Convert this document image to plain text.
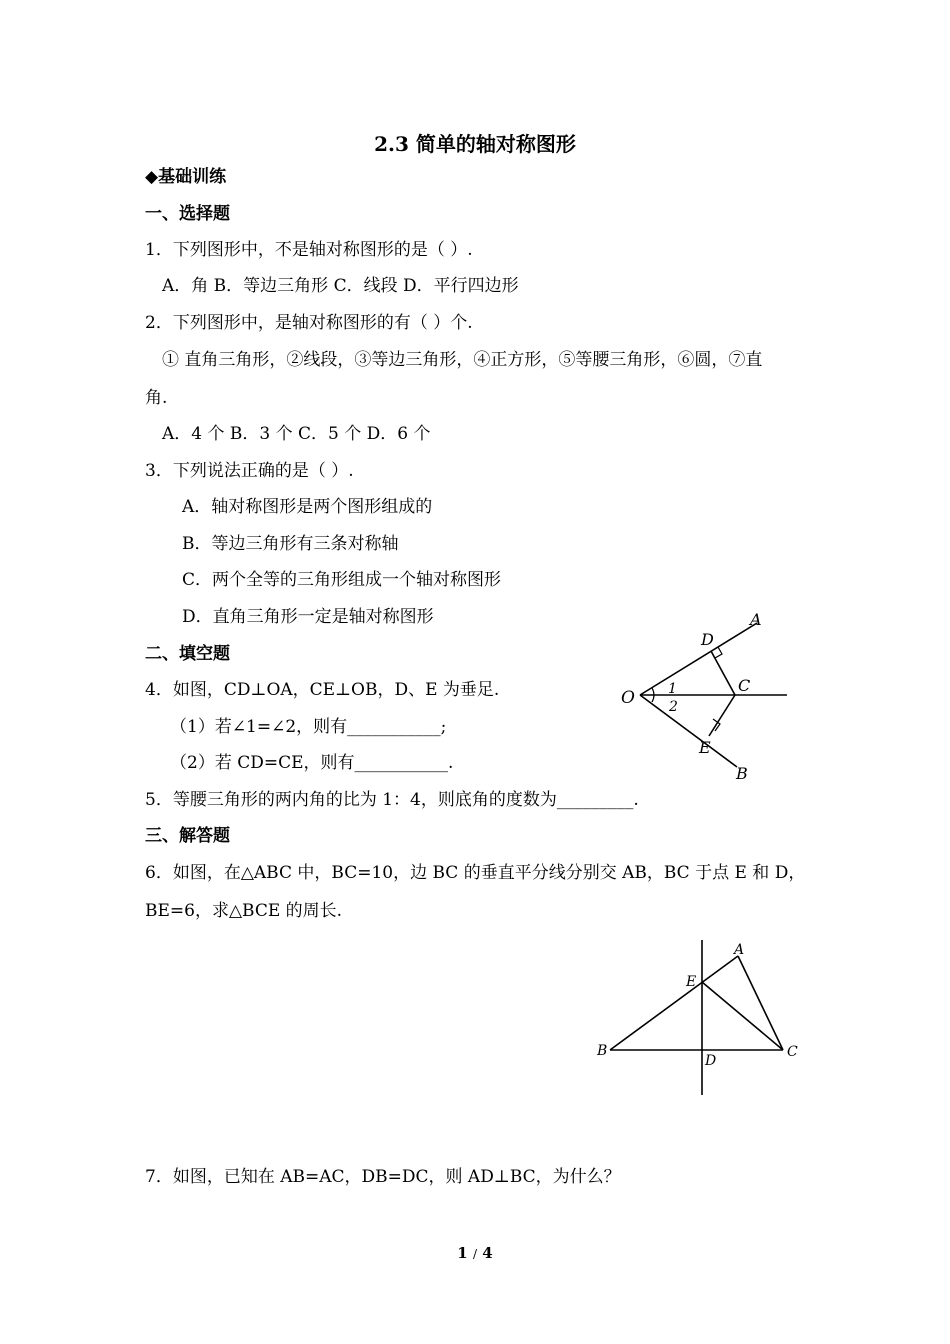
2.3 简单的轴对称图形
◆基础训练
一、选择题
1．下列图形中，不是轴对称图形的是（ ）.
A．角 B．等边三角形 C．线段 D．平行四边形
2．下列图形中，是轴对称图形的有（ ）个.
① 直角三角形，②线段，③等边三角形，④正方形，⑤等腰三角形，⑥圆，⑦直
角.
A．4 个 B．3 个 C．5 个 D．6 个
3．下列说法正确的是（ ）.
A．轴对称图形是两个图形组成的
B．等边三角形有三条对称轴
C．两个全等的三角形组成一个轴对称图形
D．直角三角形一定是轴对称图形
二、填空题
4．如图，CD⊥OA，CE⊥OB，D、E 为垂足.
（1）若∠1=∠2，则有___________;
（2）若 CD=CE，则有___________.
5．等腰三角形的两内角的比为 1：4，则底角的度数为_________.
三、解答题
6．如图，在△ABC 中，BC=10，边 BC 的垂直平分线分别交 AB，BC 于点 E 和 D，
BE=6，求△BCE 的周长.
7．如图，已知在 AB=AC，DB=DC，则 AD⊥BC，为什么？
A
B
C
D
E
O 1
2
A
B	C
D
E
1 / 4
